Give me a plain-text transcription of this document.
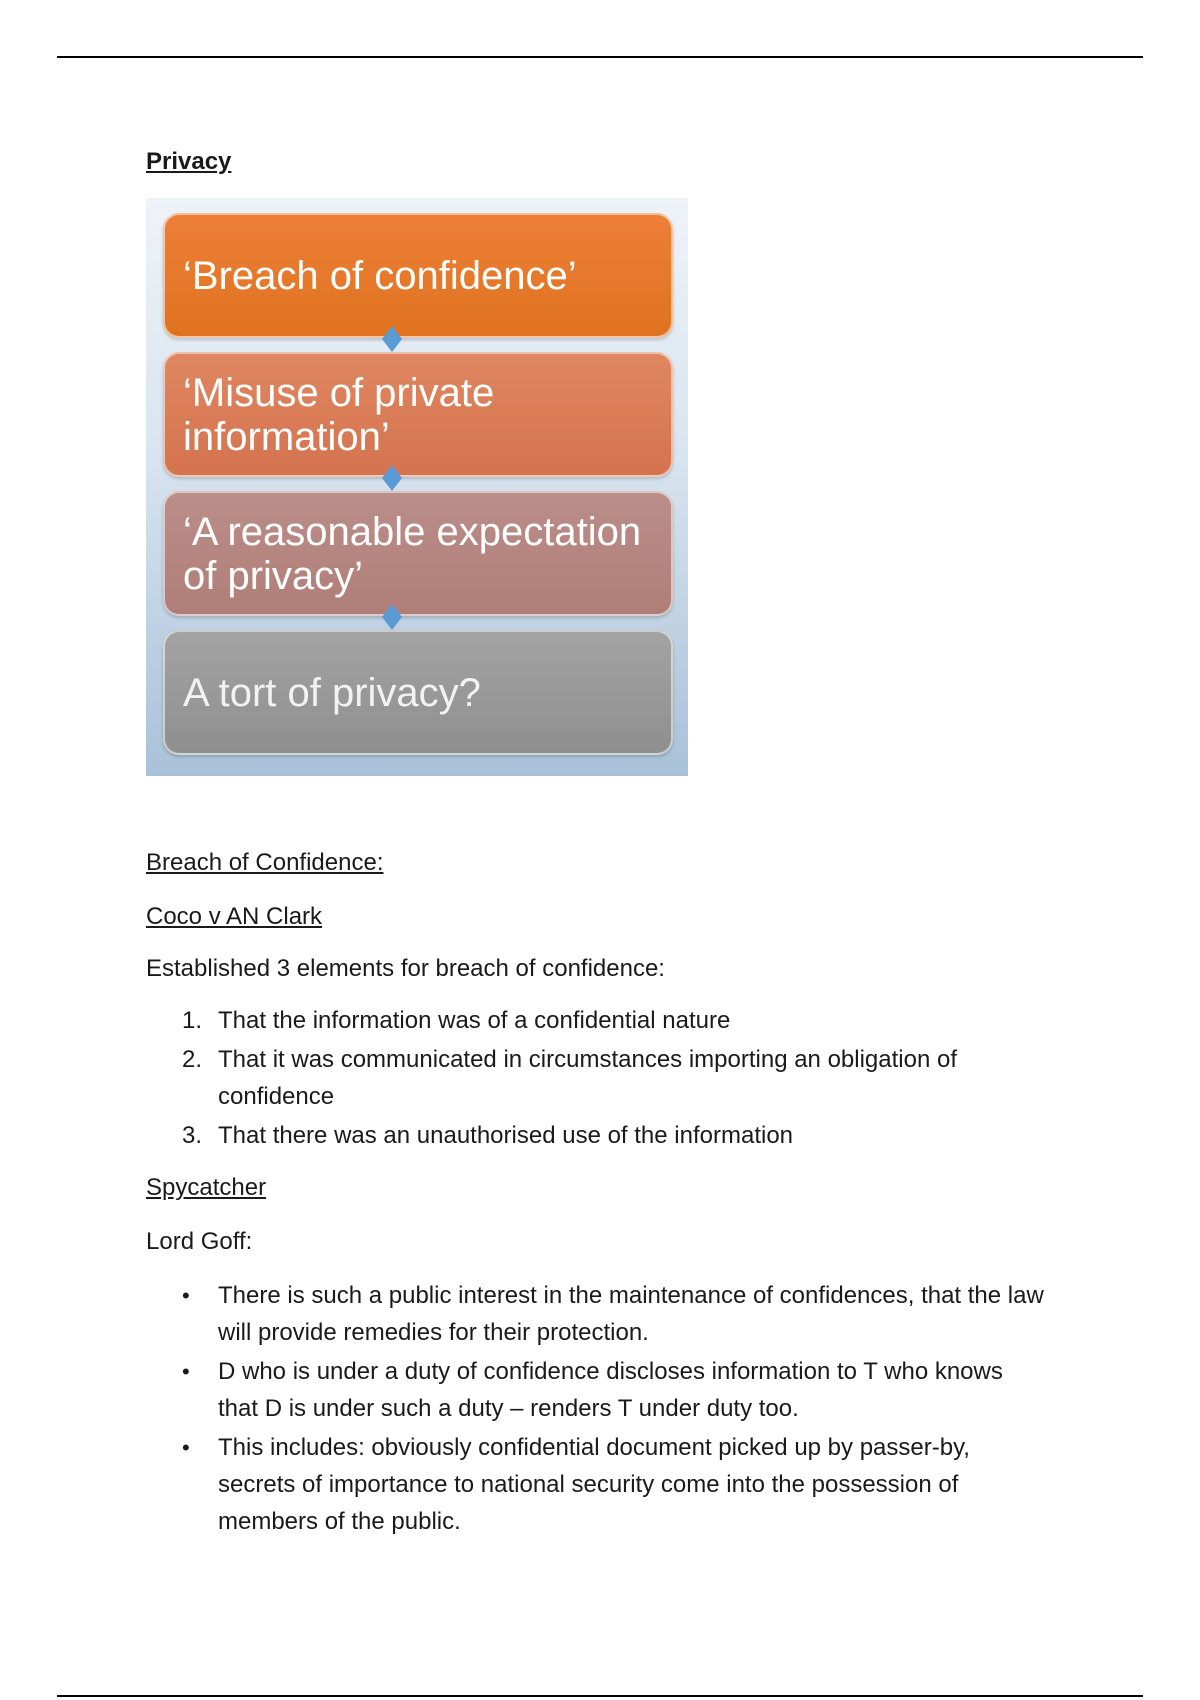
Privacy
‘Breach of confidence’
‘Misuse of private information’
‘A reasonable expectation of privacy’
A tort of privacy?
Breach of Confidence:
Coco v AN Clark
Established 3 elements for breach of confidence:
1. That the information was of a confidential nature
2. That it was communicated in circumstances importing an obligation of confidence
3. That there was an unauthorised use of the information
Spycatcher
Lord Goff:
• There is such a public interest in the maintenance of confidences, that the law will provide remedies for their protection.
• D who is under a duty of confidence discloses information to T who knows that D is under such a duty – renders T under duty too.
• This includes: obviously confidential document picked up by passer-by, secrets of importance to national security come into the possession of members of the public.
